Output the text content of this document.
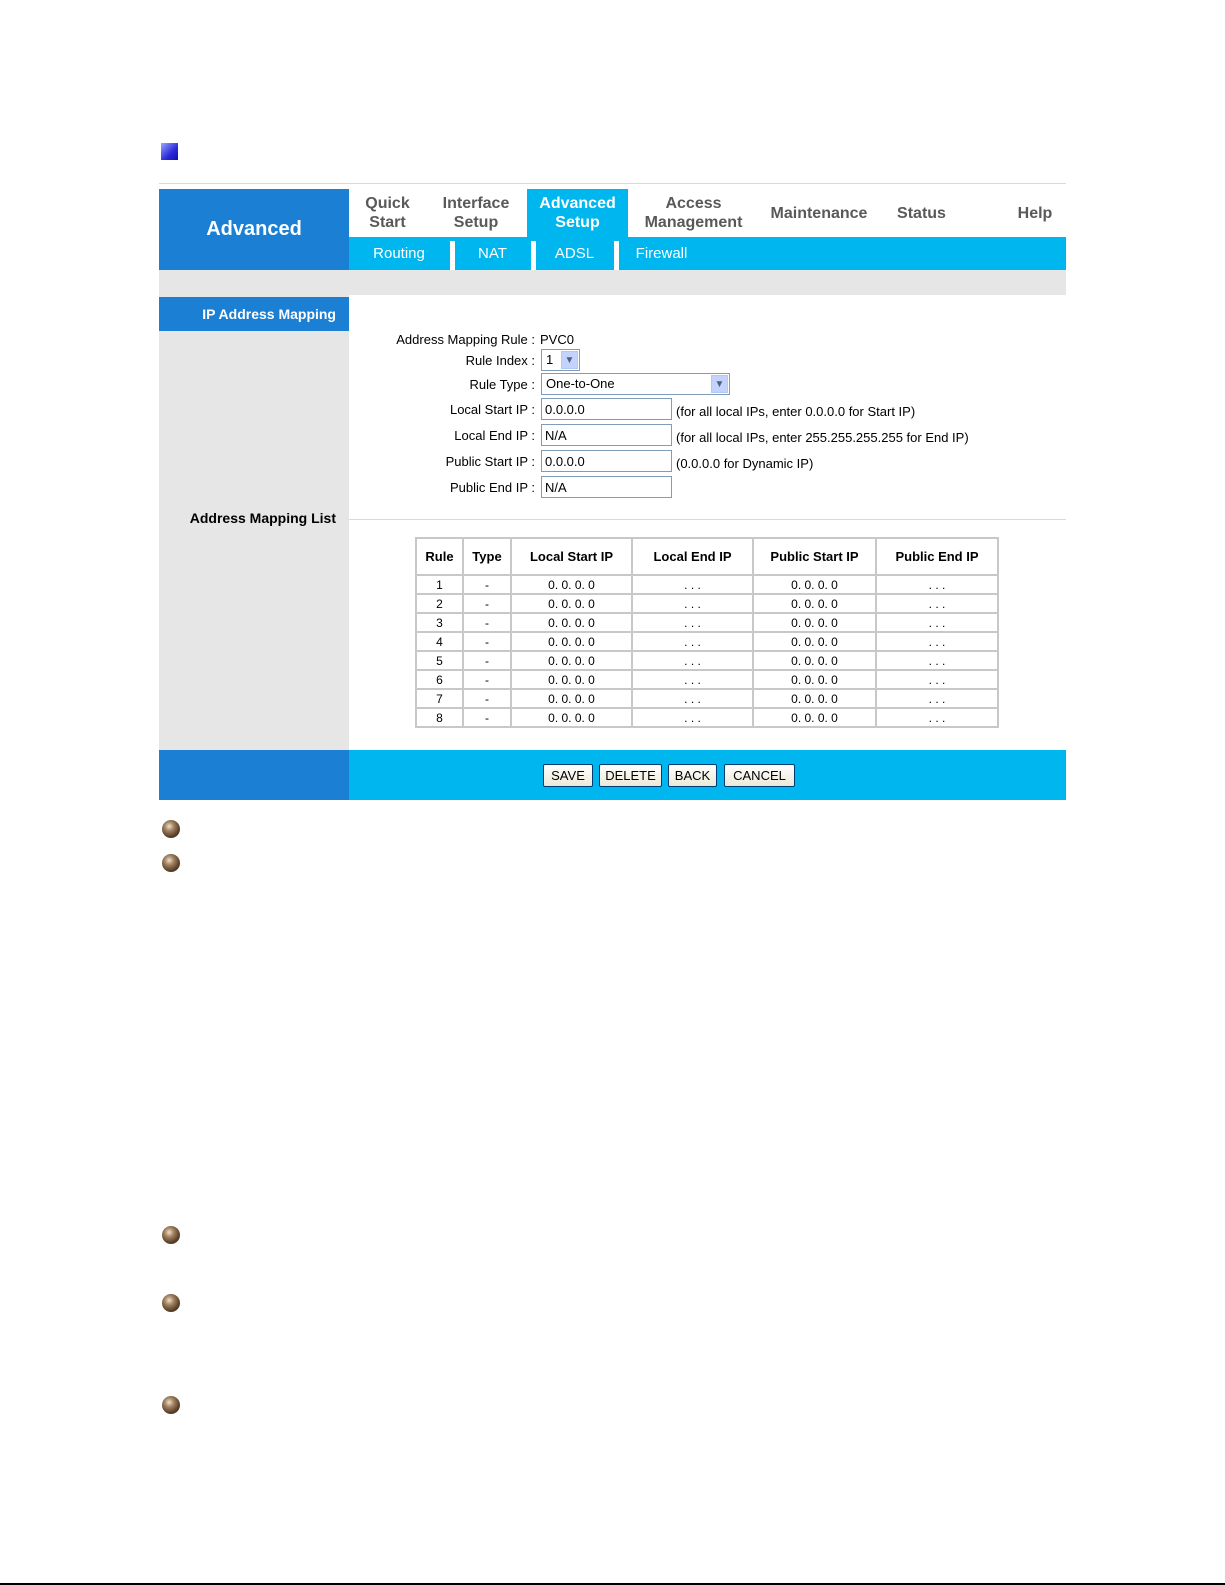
Advanced
Quick
Start
Interface
Setup
Advanced
Setup
Access
Management
Maintenance Status	Help
Routing	NAT	ADSL	Firewall
IP Address Mapping
Address Mapping List
Address Mapping Rule : PVC0
Rule Index : 1	▼
Rule Type : One-to-One	▼
Local Start IP :
0.0.0.0	(for all local IPs, enter 0.0.0.0 for Start IP)
Local End IP :
N/A	(for all local IPs, enter 255.255.255.255 for End IP)
Public Start IP :
0.0.0.0	(0.0.0.0 for Dynamic IP)
Public End IP :
N/A
Rule	Type	Local Start IP	Local End IP	Public Start IP	Public End IP
1	-	0. 0. 0. 0	. . .	0. 0. 0. 0	. . .
2	-	0. 0. 0. 0	. . .	0. 0. 0. 0	. . .
3	-	0. 0. 0. 0	. . .	0. 0. 0. 0	. . .
4	-	0. 0. 0. 0	. . .	0. 0. 0. 0	. . .
5	-	0. 0. 0. 0	. . .	0. 0. 0. 0	. . .
6	-	0. 0. 0. 0	. . .	0. 0. 0. 0	. . .
7	-	0. 0. 0. 0	. . .	0. 0. 0. 0	. . .
8	-	0. 0. 0. 0	. . .	0. 0. 0. 0	. . .
SAVE	DELETE	BACK	CANCEL
